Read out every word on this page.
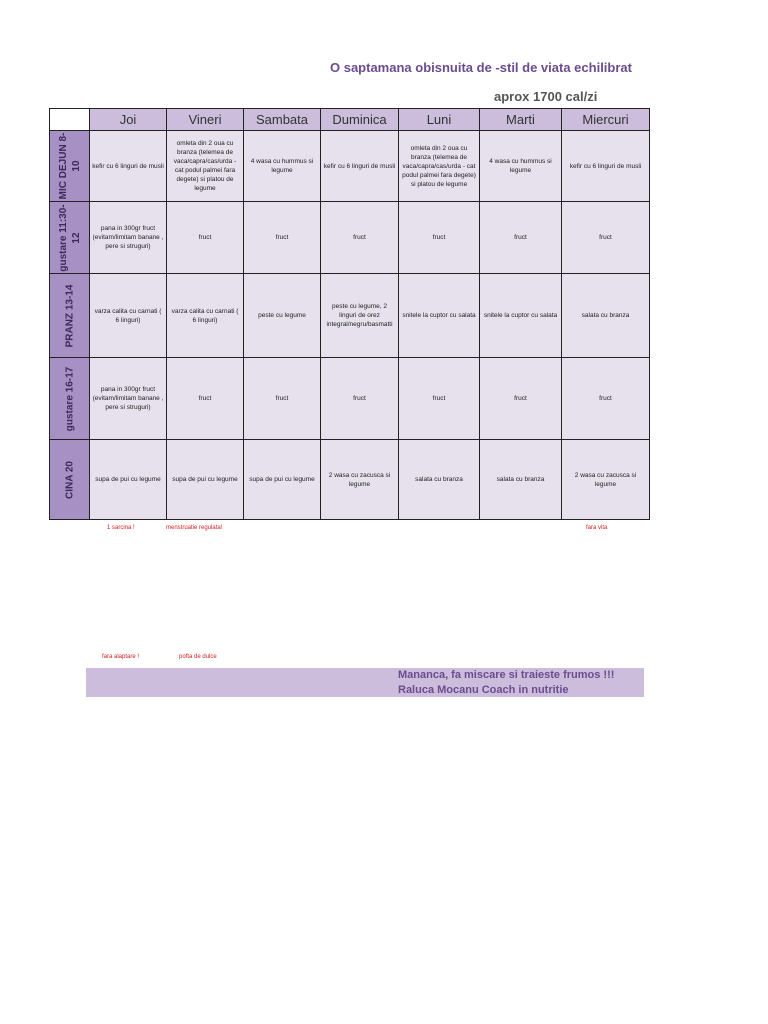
O saptamana obisnuita de -stil de viata echilibrat
aprox 1700 cal/zi
	Joi	Vineri	Sambata	Duminica	Luni	Marti	Miercuri

MIC DEJUN 8- 10	kefir cu 6 linguri de musli	omleta din 2 oua cu branza (telemea de vaca/capra/cas/urda - cat podul palmei fara degete) si platou de legume	4 wasa cu hummus si legume	kefir cu 6 linguri de musli	omleta din 2 oua cu branza (telemea de vaca/capra/cas/urda - cat podul palmei fara degete) si platou de legume	4 wasa cu hummus si legume	kefir cu 6 linguri de musli

gustare 11:30- 12	pana in 300gr fruct (evitam/limitam banane , pere si struguri)	fruct	fruct	fruct	fruct	fruct	fruct

PRANZ 13-14	varza calita cu carnati ( 6 linguri)	varza calita cu carnati ( 6 linguri)	peste cu legume	peste cu legume, 2 linguri de orez integral/negru/basmatti	snitele la cuptor cu salata	snitele la cuptor cu salata	salata cu branza

gustare 16-17	pana in 300gr fruct (evitam/limitam banane , pere si struguri)	fruct	fruct	fruct	fruct	fruct	fruct

CINA 20	supa de pui cu legume	supa de pui cu legume	supa de pui cu legume	2 wasa cu zacusca si legume	salata cu branza	salata cu branza	2 wasa cu zacusca si legume
1 sarcina !	menstruatie regulata!	fara vita
fara alaptare !	pofta de dulce
Mananca, fa miscare si traieste frumos !!!
Raluca Mocanu Coach in nutritie
